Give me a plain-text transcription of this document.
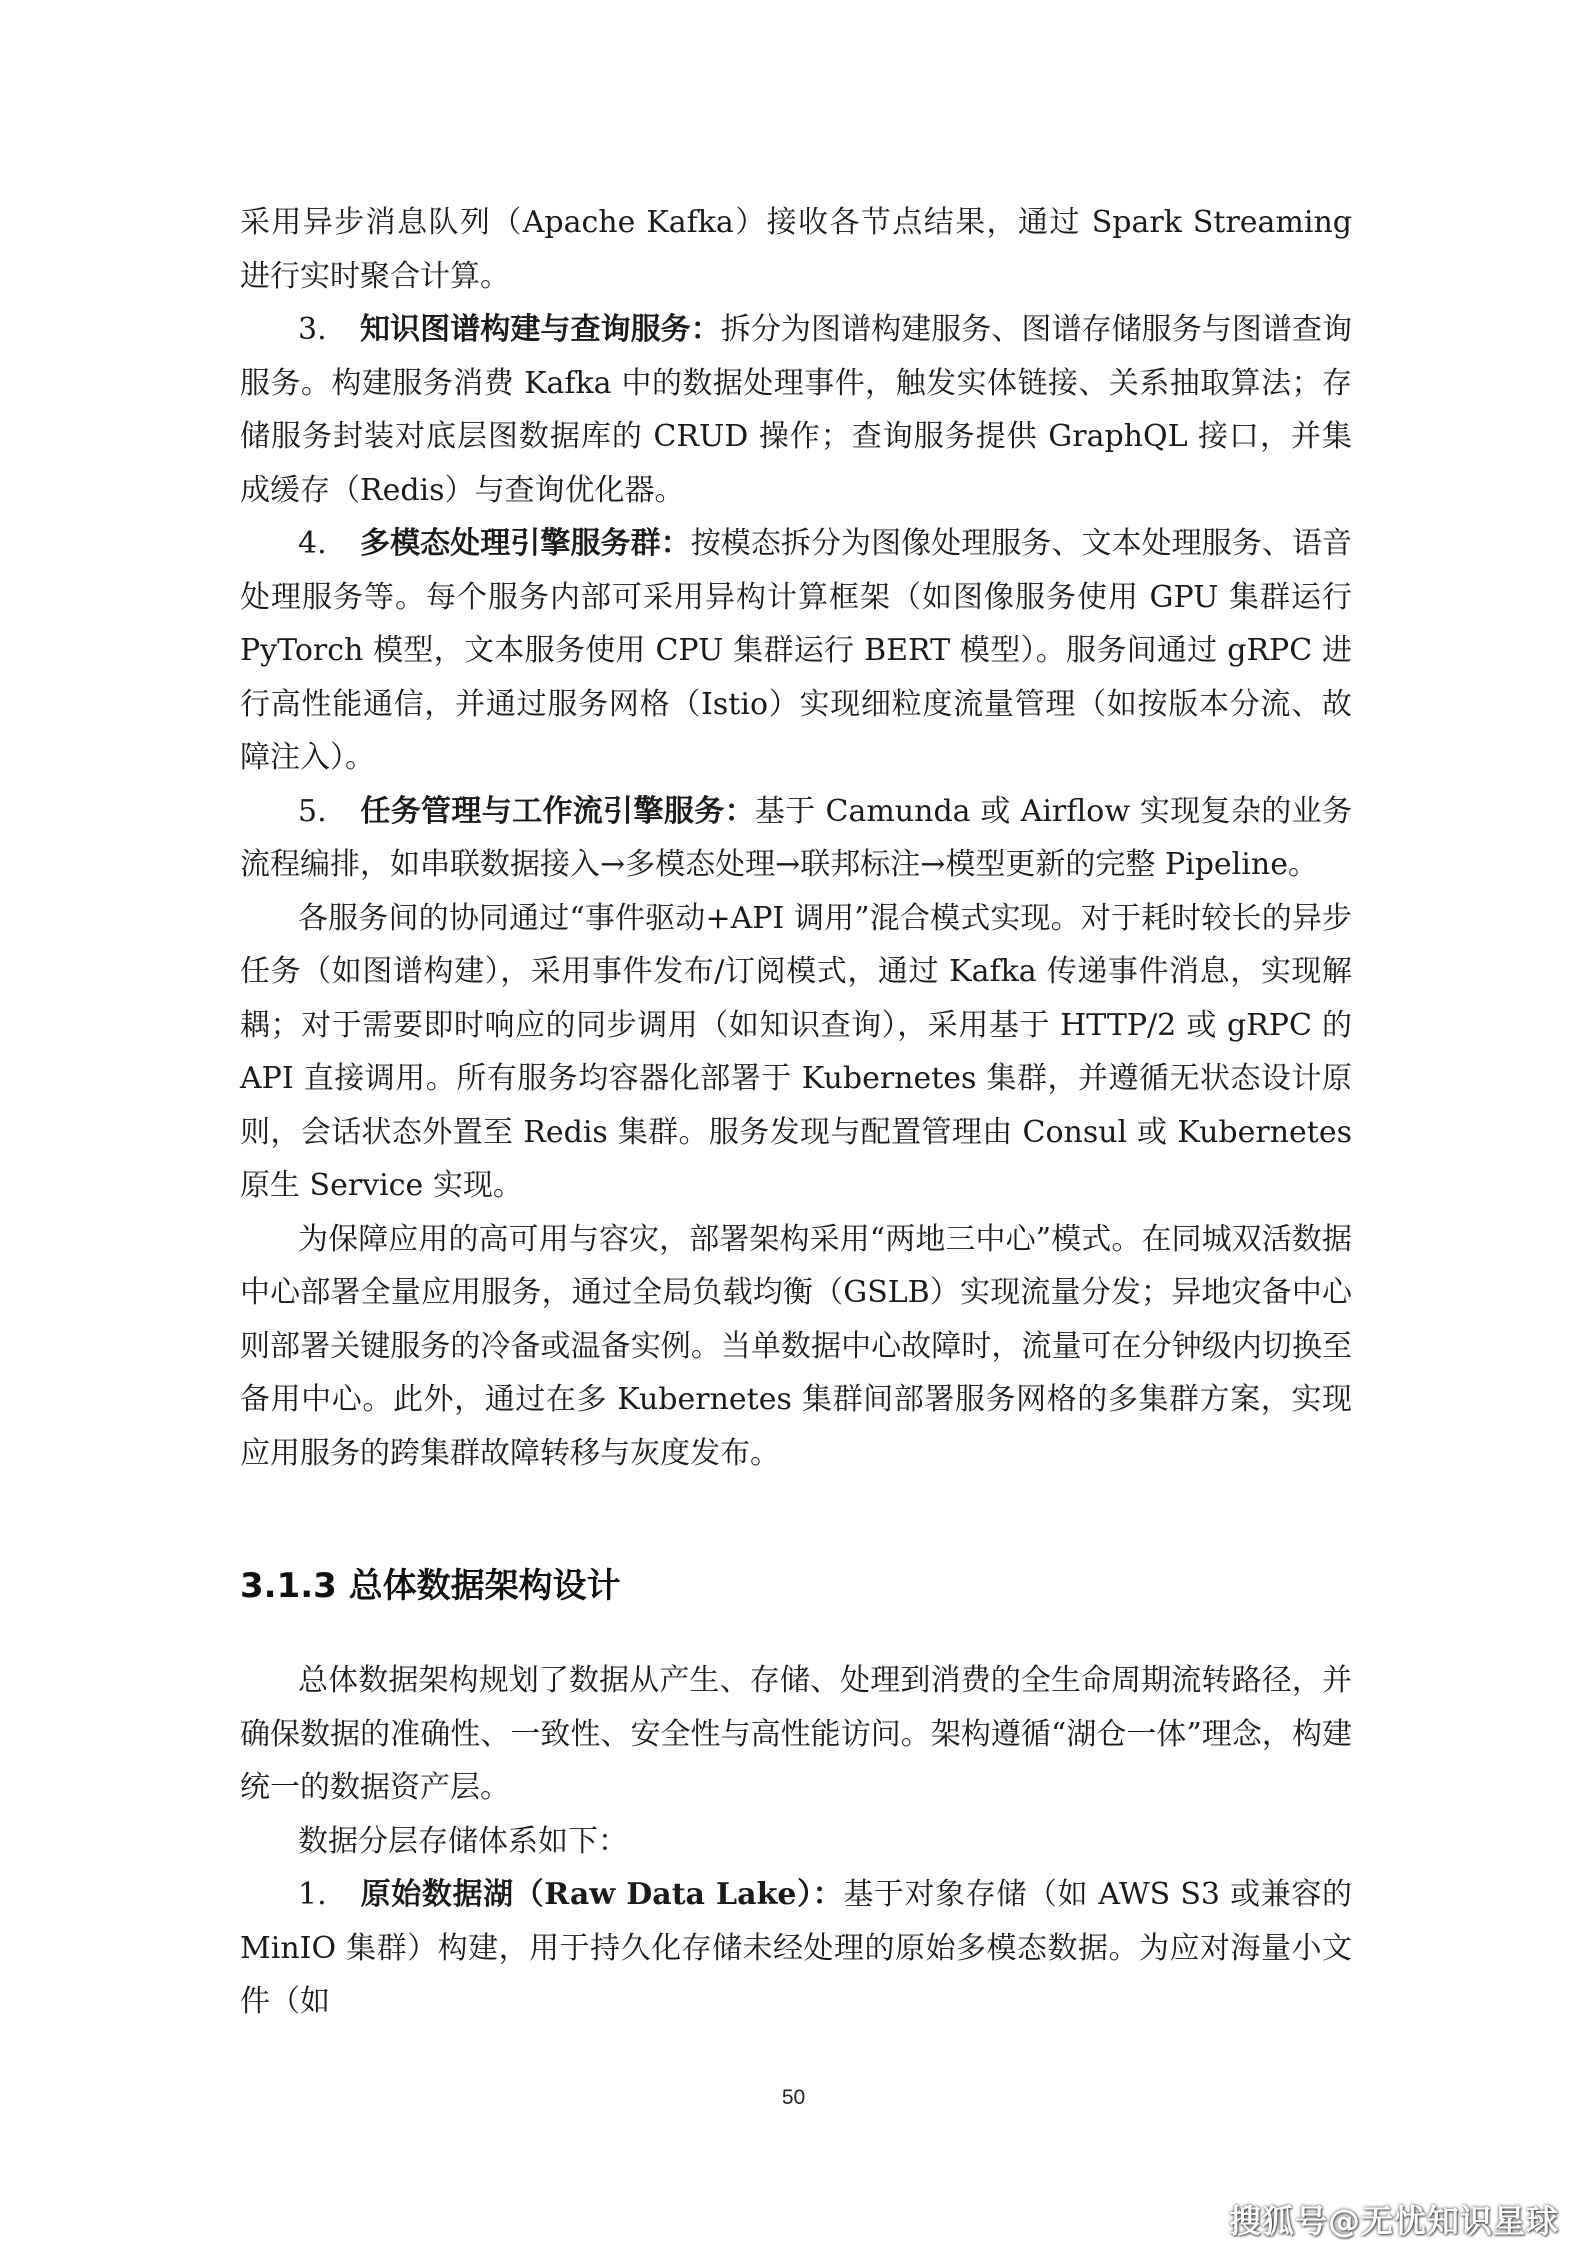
采用异步消息队列（Apache Kafka）接收各节点结果，通过 Spark Streaming 进行实时聚合计算。

3. 知识图谱构建与查询服务：拆分为图谱构建服务、图谱存储服务与图谱查询服务。构建服务消费 Kafka 中的数据处理事件，触发实体链接、关系抽取算法；存储服务封装对底层图数据库的 CRUD 操作；查询服务提供 GraphQL 接口，并集成缓存（Redis）与查询优化器。

4. 多模态处理引擎服务群：按模态拆分为图像处理服务、文本处理服务、语音处理服务等。每个服务内部可采用异构计算框架（如图像服务使用 GPU 集群运行 PyTorch 模型，文本服务使用 CPU 集群运行 BERT 模型）。服务间通过 gRPC 进行高性能通信，并通过服务网格（Istio）实现细粒度流量管理（如按版本分流、故障注入）。

5. 任务管理与工作流引擎服务：基于 Camunda 或 Airflow 实现复杂的业务流程编排，如串联数据接入→多模态处理→联邦标注→模型更新的完整 Pipeline。

各服务间的协同通过“事件驱动+API 调用”混合模式实现。对于耗时较长的异步任务（如图谱构建），采用事件发布/订阅模式，通过 Kafka 传递事件消息，实现解耦；对于需要即时响应的同步调用（如知识查询），采用基于 HTTP/2 或 gRPC 的 API 直接调用。所有服务均容器化部署于 Kubernetes 集群，并遵循无状态设计原则，会话状态外置至 Redis 集群。服务发现与配置管理由 Consul 或 Kubernetes 原生 Service 实现。

为保障应用的高可用与容灾，部署架构采用“两地三中心”模式。在同城双活数据中心部署全量应用服务，通过全局负载均衡（GSLB）实现流量分发；异地灾备中心则部署关键服务的冷备或温备实例。当单数据中心故障时，流量可在分钟级内切换至备用中心。此外，通过在多 Kubernetes 集群间部署服务网格的多集群方案，实现应用服务的跨集群故障转移与灰度发布。

3.1.3 总体数据架构设计

总体数据架构规划了数据从产生、存储、处理到消费的全生命周期流转路径，并确保数据的准确性、一致性、安全性与高性能访问。架构遵循“湖仓一体”理念，构建统一的数据资产层。

数据分层存储体系如下：

1. 原始数据湖（Raw Data Lake）：基于对象存储（如 AWS S3 或兼容的 MinIO 集群）构建，用于持久化存储未经处理的原始多模态数据。为应对海量小文件（如

50
搜狐号@无忧知识星球
